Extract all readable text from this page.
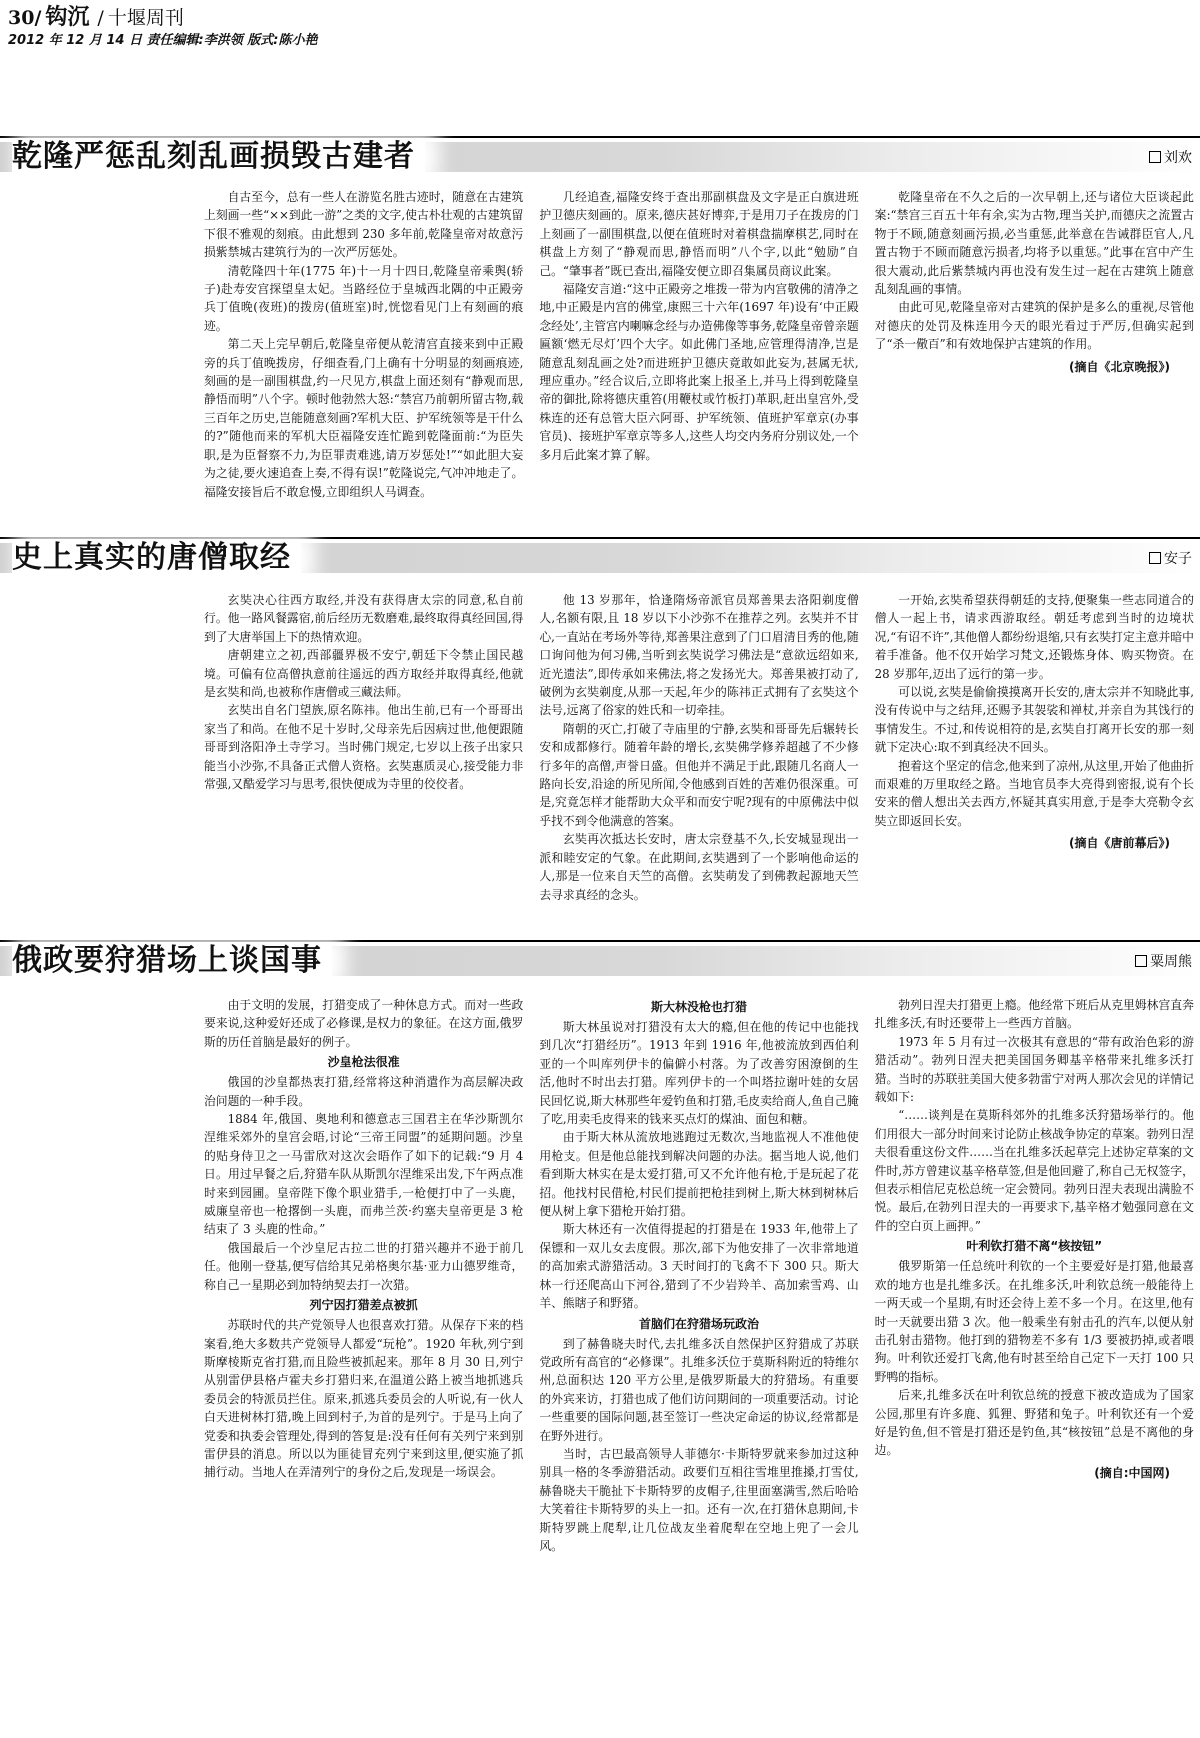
30/ 钩沉 / 十堰周刊
2012 年 12 月 14 日 责任编辑:李洪领 版式:陈小艳
乾隆严惩乱刻乱画损毁古建者	刘欢

自古至今，总有一些人在游览名胜古迹时，随意在古建筑上刻画一些“××到此一游”之类的文字,使古朴壮观的古建筑留下很不雅观的刻痕。由此想到 230 多年前,乾隆皇帝对故意污损紫禁城古建筑行为的一次严厉惩处。

清乾隆四十年(1775 年)十一月十四日,乾隆皇帝乘舆(轿子)赴寿安宫探望皇太妃。当路经位于皇城西北隅的中正殿旁兵丁值晚(夜班)的拨房(值班室)时,恍惚看见门上有刻画的痕迹。

第二天上完早朝后,乾隆皇帝便从乾清宫直接来到中正殿旁的兵丁值晚拨房，仔细查看,门上确有十分明显的刻画痕迹,刻画的是一副围棋盘,约一尺见方,棋盘上面还刻有“静观而思,静悟而明”八个字。顿时他勃然大怒:“禁宫乃前朝所留古物,载三百年之历史,岂能随意刻画?军机大臣、护军统领等是干什么的?”随他而来的军机大臣福隆安连忙跪到乾隆面前:“为臣失职,是为臣督察不力,为臣罪责难逃,请万岁惩处!”“如此胆大妄为之徒,要火速追查上奏,不得有误!”乾隆说完,气冲冲地走了。福隆安接旨后不敢怠慢,立即组织人马调查。

几经追查,福隆安终于查出那副棋盘及文字是正白旗进班护卫德庆刻画的。原来,德庆甚好博弈,于是用刀子在拨房的门上刻画了一副围棋盘,以便在值班时对着棋盘揣摩棋艺,同时在棋盘上方刻了“静观而思,静悟而明”八个字,以此“勉励”自己。“肇事者”既已查出,福隆安便立即召集属员商议此案。

福隆安言道:“这中正殿旁之堆拨一带为内宫敬佛的清净之地,中正殿是内宫的佛堂,康熙三十六年(1697 年)设有‘中正殿念经处’,主管宫内喇嘛念经与办造佛像等事务,乾隆皇帝曾亲题匾额‘燃无尽灯’四个大字。如此佛门圣地,应管理得清净,岂是随意乱刻乱画之处?而进班护卫德庆竟敢如此妄为,甚属无状,理应重办。”经合议后,立即将此案上报圣上,并马上得到乾隆皇帝的御批,除将德庆重笞(用鞭杖或竹板打)革职,赶出皇宫外,受株连的还有总管大臣六阿哥、护军统领、值班护军章京(办事官员)、接班护军章京等多人,这些人均交内务府分别议处,一个多月后此案才算了解。

乾隆皇帝在不久之后的一次早朝上,还与诸位大臣谈起此案:“禁宫三百五十年有余,实为古物,理当关护,而德庆之流置古物于不顾,随意刻画污损,必当重惩,此举意在告诫群臣官人,凡置古物于不顾而随意污损者,均将予以重惩。”此事在宫中产生很大震动,此后紫禁城内再也没有发生过一起在古建筑上随意乱刻乱画的事情。

由此可见,乾隆皇帝对古建筑的保护是多么的重视,尽管他对德庆的处罚及株连用今天的眼光看过于严厉,但确实起到了“杀一儆百”和有效地保护古建筑的作用。

(摘自《北京晚报》)
史上真实的唐僧取经	安子

玄奘决心往西方取经,并没有获得唐太宗的同意,私自前行。他一路风餐露宿,前后经历无数磨难,最终取得真经回国,得到了大唐举国上下的热情欢迎。

唐朝建立之初,西部疆界极不安宁,朝廷下令禁止国民越境。可偏有位高僧执意前往遥远的西方取经并取得真经,他就是玄奘和尚,也被称作唐僧或三藏法师。

玄奘出自名门望族,原名陈祎。他出生前,已有一个哥哥出家当了和尚。在他不足十岁时,父母亲先后因病过世,他便跟随哥哥到洛阳净土寺学习。当时佛门规定,七岁以上孩子出家只能当小沙弥,不具备正式僧人资格。玄奘惠质灵心,接受能力非常强,又酷爱学习与思考,很快便成为寺里的佼佼者。

他 13 岁那年，恰逢隋炀帝派官员郑善果去洛阳剃度僧人,名额有限,且 18 岁以下小沙弥不在推荐之列。玄奘并不甘心,一直站在考场外等待,郑善果注意到了门口眉清目秀的他,随口询问他为何习佛,当听到玄奘说学习佛法是“意欲远绍如来,近光遗法”,即传承如来佛法,将之发扬光大。郑善果被打动了,破例为玄奘剃度,从那一天起,年少的陈祎正式拥有了玄奘这个法号,远离了俗家的姓氏和一切牵挂。

隋朝的灭亡,打破了寺庙里的宁静,玄奘和哥哥先后辗转长安和成都修行。随着年龄的增长,玄奘佛学修养超越了不少修行多年的高僧,声誉日盛。但他并不满足于此,跟随几名商人一路向长安,沿途的所见所闻,令他感到百姓的苦难仍很深重。可是,究竟怎样才能帮助大众平和而安宁呢?现有的中原佛法中似乎找不到令他满意的答案。

玄奘再次抵达长安时，唐太宗登基不久,长安城显现出一派和睦安定的气象。在此期间,玄奘遇到了一个影响他命运的人,那是一位来自天竺的高僧。玄奘萌发了到佛教起源地天竺去寻求真经的念头。

一开始,玄奘希望获得朝廷的支持,便聚集一些志同道合的僧人一起上书，请求西游取经。朝廷考虑到当时的边境状况,“有诏不许”,其他僧人都纷纷退缩,只有玄奘打定主意并暗中着手准备。他不仅开始学习梵文,还锻炼身体、购买物资。在 28 岁那年,迈出了远行的第一步。

可以说,玄奘是偷偷摸摸离开长安的,唐太宗并不知晓此事,没有传说中与之结拜,还赐予其袈裟和禅杖,并亲自为其饯行的事情发生。不过,和传说相符的是,玄奘自打离开长安的那一刻就下定决心:取不到真经决不回头。

抱着这个坚定的信念,他来到了凉州,从这里,开始了他曲折而艰难的万里取经之路。当地官员李大亮得到密报,说有个长安来的僧人想出关去西方,怀疑其真实用意,于是李大亮勒令玄奘立即返回长安。

(摘自《唐前幕后》)
俄政要狩猎场上谈国事	粟周熊

由于文明的发展，打猎变成了一种休息方式。而对一些政要来说,这种爱好还成了必修课,是权力的象征。在这方面,俄罗斯的历任首脑是最好的例子。

沙皇枪法很准

俄国的沙皇都热衷打猎,经常将这种消遣作为高层解决政治问题的一种手段。

1884 年,俄国、奥地利和德意志三国君主在华沙斯凯尔涅维采郊外的皇宫会晤,讨论“三帝王同盟”的延期问题。沙皇的贴身侍卫之一马雷欣对这次会晤作了如下的记载:“9 月 4 日。用过早餐之后,狩猎车队从斯凯尔涅维采出发,下午两点准时来到园圃。皇帝陛下像个职业猎手,一枪便打中了一头鹿，威廉皇帝也一枪撂倒一头鹿，而弗兰茨·约塞夫皇帝更是 3 枪结束了 3 头鹿的性命。”

俄国最后一个沙皇尼古拉二世的打猎兴趣并不逊于前几任。他刚一登基,便写信给其兄弟格奥尔基·亚力山德罗维奇，称自己一星期必到加特纳契去打一次猎。

列宁因打猎差点被抓

苏联时代的共产党领导人也很喜欢打猎。从保存下来的档案看,绝大多数共产党领导人都爱“玩枪”。1920 年秋,列宁到斯摩棱斯克省打猎,而且险些被抓起来。那年 8 月 30 日,列宁从别雷伊县格卢霍夫乡打猎归来,在温道公路上被当地抓逃兵委员会的特派员拦住。原来,抓逃兵委员会的人听说,有一伙人白天进树林打猎,晚上回到村子,为首的是列宁。于是马上向了党委和执委会管理处,得到的答复是:没有任何有关列宁来到别雷伊县的消息。所以以为匪徒冒充列宁来到这里,便实施了抓捕行动。当地人在弄清列宁的身份之后,发现是一场误会。

斯大林没枪也打猎

斯大林虽说对打猎没有太大的瘾,但在他的传记中也能找到几次“打猎经历”。1913 年到 1916 年,他被流放到西伯利亚的一个叫库列伊卡的偏僻小村落。为了改善穷困潦倒的生活,他时不时出去打猎。库列伊卡的一个叫塔拉谢叶娃的女居民回忆说,斯大林那些年爱钓鱼和打猎,毛皮卖给商人,鱼自己腌了吃,用卖毛皮得来的钱来买点灯的煤油、面包和糖。

由于斯大林从流放地逃跑过无数次,当地监视人不准他使用枪支。但是他总能找到解决问题的办法。据当地人说,他们看到斯大林实在是太爱打猎,可又不允许他有枪,于是玩起了花招。他找村民借枪,村民们提前把枪挂到树上,斯大林到树林后便从树上拿下猎枪开始打猎。

斯大林还有一次值得提起的打猎是在 1933 年,他带上了保镖和一双儿女去度假。那次,部下为他安排了一次非常地道的高加索式游猎活动。3 天时间打的飞禽不下 300 只。斯大林一行还爬高山下河谷,猎到了不少岩羚羊、高加索雪鸡、山羊、熊瞎子和野猪。

首脑们在狩猎场玩政治

到了赫鲁晓夫时代,去扎维多沃自然保护区狩猎成了苏联党政所有高官的“必修课”。扎维多沃位于莫斯科附近的特维尔州,总面积达 120 平方公里,是俄罗斯最大的狩猎场。有重要的外宾来访，打猎也成了他们访问期间的一项重要活动。讨论一些重要的国际问题,甚至签订一些决定命运的协议,经常都是在野外进行。

当时，古巴最高领导人菲德尔·卡斯特罗就来参加过这种别具一格的冬季游猎活动。政要们互相往雪堆里推搡,打雪仗,赫鲁晓夫干脆扯下卡斯特罗的皮帽子,往里面塞满雪,然后哈哈大笑着往卡斯特罗的头上一扣。还有一次,在打猎休息期间,卡斯特罗跳上爬犁,让几位战友坐着爬犁在空地上兜了一会儿风。

勃列日涅夫打猎更上瘾。他经常下班后从克里姆林宫直奔扎维多沃,有时还要带上一些西方首脑。

1973 年 5 月有过一次极其有意思的“带有政治色彩的游猎活动”。勃列日涅夫把美国国务卿基辛格带来扎维多沃打猎。当时的苏联驻美国大使多勃雷宁对两人那次会见的详情记载如下:

“……谈判是在莫斯科郊外的扎维多沃狩猎场举行的。他们用很大一部分时间来讨论防止核战争协定的草案。勃列日涅夫很看重这份文件……当在扎维多沃起草完上述协定草案的文件时,苏方曾建议基辛格草签,但是他回避了,称自己无权签字，但表示相信尼克松总统一定会赞同。勃列日涅夫表现出满脸不悦。最后,在勃列日涅夫的一再要求下,基辛格才勉强同意在文件的空白页上画押。”

叶利钦打猎不离“核按钮”

俄罗斯第一任总统叶利钦的一个主要爱好是打猎,他最喜欢的地方也是扎维多沃。在扎维多沃,叶利钦总统一般能待上一两天或一个星期,有时还会待上差不多一个月。在这里,他有时一天就要出猎 3 次。他一般乘坐有射击孔的汽车,以便从射击孔射击猎物。他打到的猎物差不多有 1/3 要被扔掉,或者喂狗。叶利钦还爱打飞禽,他有时甚至给自己定下一天打 100 只野鸭的指标。

后来,扎维多沃在叶利钦总统的授意下被改造成为了国家公园,那里有许多鹿、狐狸、野猪和兔子。叶利钦还有一个爱好是钓鱼,但不管是打猎还是钓鱼,其“核按钮”总是不离他的身边。

(摘自:中国网)
